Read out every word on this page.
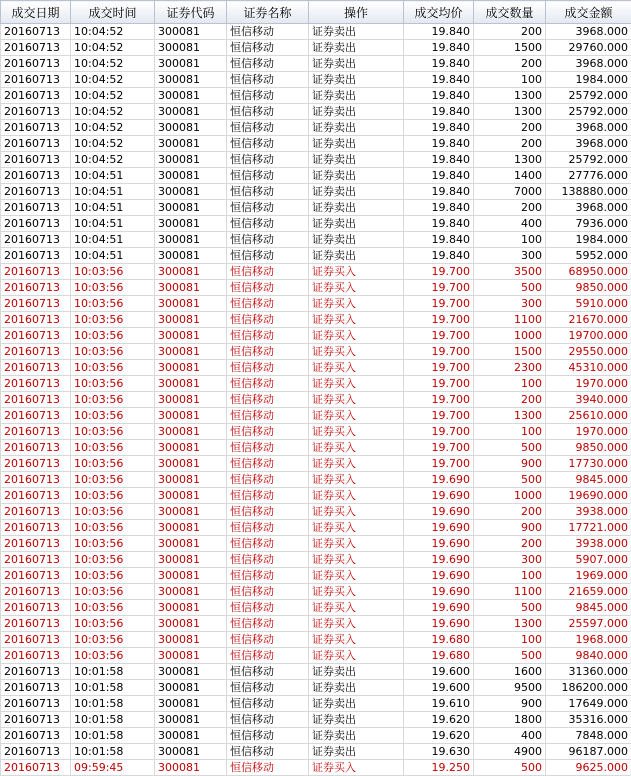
成交日期	成交时间	证券代码	证券名称	操作	成交均价	成交数量	成交金额
20160713	10:04:52	300081	恒信移动	证券卖出	19.840	200	3968.000
20160713	10:04:52	300081	恒信移动	证券卖出	19.840	1500	29760.000
20160713	10:04:52	300081	恒信移动	证券卖出	19.840	200	3968.000
20160713	10:04:52	300081	恒信移动	证券卖出	19.840	100	1984.000
20160713	10:04:52	300081	恒信移动	证券卖出	19.840	1300	25792.000
20160713	10:04:52	300081	恒信移动	证券卖出	19.840	1300	25792.000
20160713	10:04:52	300081	恒信移动	证券卖出	19.840	200	3968.000
20160713	10:04:52	300081	恒信移动	证券卖出	19.840	200	3968.000
20160713	10:04:52	300081	恒信移动	证券卖出	19.840	1300	25792.000
20160713	10:04:51	300081	恒信移动	证券卖出	19.840	1400	27776.000
20160713	10:04:51	300081	恒信移动	证券卖出	19.840	7000	138880.000
20160713	10:04:51	300081	恒信移动	证券卖出	19.840	200	3968.000
20160713	10:04:51	300081	恒信移动	证券卖出	19.840	400	7936.000
20160713	10:04:51	300081	恒信移动	证券卖出	19.840	100	1984.000
20160713	10:04:51	300081	恒信移动	证券卖出	19.840	300	5952.000
20160713	10:03:56	300081	恒信移动	证券买入	19.700	3500	68950.000
20160713	10:03:56	300081	恒信移动	证券买入	19.700	500	9850.000
20160713	10:03:56	300081	恒信移动	证券买入	19.700	300	5910.000
20160713	10:03:56	300081	恒信移动	证券买入	19.700	1100	21670.000
20160713	10:03:56	300081	恒信移动	证券买入	19.700	1000	19700.000
20160713	10:03:56	300081	恒信移动	证券买入	19.700	1500	29550.000
20160713	10:03:56	300081	恒信移动	证券买入	19.700	2300	45310.000
20160713	10:03:56	300081	恒信移动	证券买入	19.700	100	1970.000
20160713	10:03:56	300081	恒信移动	证券买入	19.700	200	3940.000
20160713	10:03:56	300081	恒信移动	证券买入	19.700	1300	25610.000
20160713	10:03:56	300081	恒信移动	证券买入	19.700	100	1970.000
20160713	10:03:56	300081	恒信移动	证券买入	19.700	500	9850.000
20160713	10:03:56	300081	恒信移动	证券买入	19.700	900	17730.000
20160713	10:03:56	300081	恒信移动	证券买入	19.690	500	9845.000
20160713	10:03:56	300081	恒信移动	证券买入	19.690	1000	19690.000
20160713	10:03:56	300081	恒信移动	证券买入	19.690	200	3938.000
20160713	10:03:56	300081	恒信移动	证券买入	19.690	900	17721.000
20160713	10:03:56	300081	恒信移动	证券买入	19.690	200	3938.000
20160713	10:03:56	300081	恒信移动	证券买入	19.690	300	5907.000
20160713	10:03:56	300081	恒信移动	证券买入	19.690	100	1969.000
20160713	10:03:56	300081	恒信移动	证券买入	19.690	1100	21659.000
20160713	10:03:56	300081	恒信移动	证券买入	19.690	500	9845.000
20160713	10:03:56	300081	恒信移动	证券买入	19.690	1300	25597.000
20160713	10:03:56	300081	恒信移动	证券买入	19.680	100	1968.000
20160713	10:03:56	300081	恒信移动	证券买入	19.680	500	9840.000
20160713	10:01:58	300081	恒信移动	证券卖出	19.600	1600	31360.000
20160713	10:01:58	300081	恒信移动	证券卖出	19.600	9500	186200.000
20160713	10:01:58	300081	恒信移动	证券卖出	19.610	900	17649.000
20160713	10:01:58	300081	恒信移动	证券卖出	19.620	1800	35316.000
20160713	10:01:58	300081	恒信移动	证券卖出	19.620	400	7848.000
20160713	10:01:58	300081	恒信移动	证券卖出	19.630	4900	96187.000
20160713	09:59:45	300081	恒信移动	证券买入	19.250	500	9625.000
